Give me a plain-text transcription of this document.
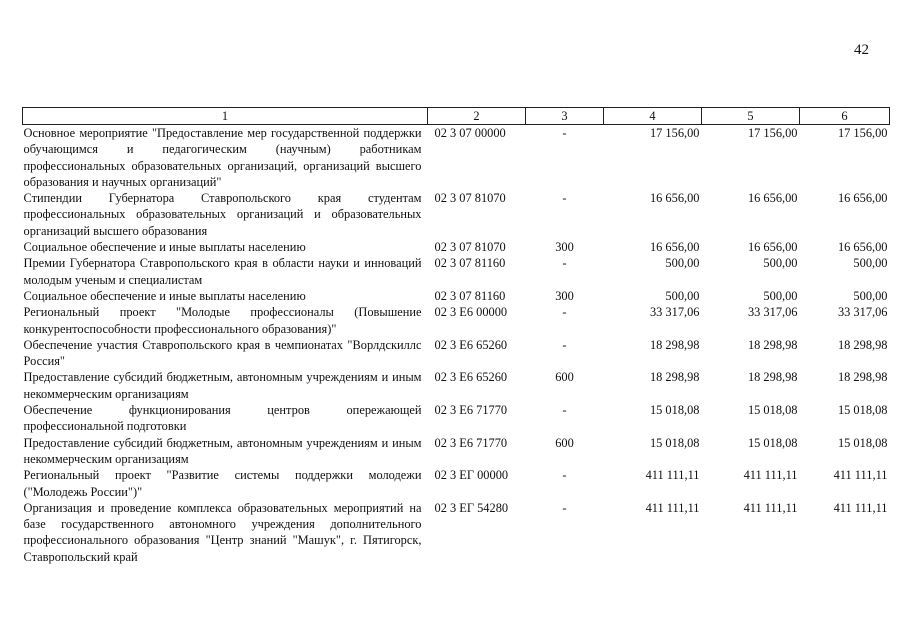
42
1	2	3	4	5	6
Основное мероприятие "Предоставление мер государственной поддержки обучающимся и педагогическим (научным) работникам профессиональных образовательных организаций, организаций высшего образования и научных организаций"	02 3 07 00000	-	17 156,00	17 156,00	17 156,00
Стипендии Губернатора Ставропольского края студентам профессиональных образовательных организаций и образовательных организаций высшего образования	02 3 07 81070	-	16 656,00	16 656,00	16 656,00
Социальное обеспечение и иные выплаты населению	02 3 07 81070	300	16 656,00	16 656,00	16 656,00
Премии Губернатора Ставропольского края в области науки и инноваций молодым ученым и специалистам	02 3 07 81160	-	500,00	500,00	500,00
Социальное обеспечение и иные выплаты населению	02 3 07 81160	300	500,00	500,00	500,00
Региональный проект "Молодые профессионалы (Повышение конкурентоспособности профессионального образования)"	02 3 Е6 00000	-	33 317,06	33 317,06	33 317,06
Обеспечение участия Ставропольского края в чемпионатах "Ворлдскиллс Россия"	02 3 Е6 65260	-	18 298,98	18 298,98	18 298,98
Предоставление субсидий бюджетным, автономным учреждениям и иным некоммерческим организациям	02 3 Е6 65260	600	18 298,98	18 298,98	18 298,98
Обеспечение функционирования центров опережающей профессиональной подготовки	02 3 Е6 71770	-	15 018,08	15 018,08	15 018,08
Предоставление субсидий бюджетным, автономным учреждениям и иным некоммерческим организациям	02 3 Е6 71770	600	15 018,08	15 018,08	15 018,08
Региональный проект "Развитие системы поддержки молодежи ("Молодежь России")"	02 3 ЕГ 00000	-	411 111,11	411 111,11	411 111,11
Организация и проведение комплекса образовательных мероприятий на базе государственного автономного учреждения дополнительного профессионального образования "Центр знаний "Машук", г. Пятигорск, Ставропольский край	02 3 ЕГ 54280	-	411 111,11	411 111,11	411 111,11
